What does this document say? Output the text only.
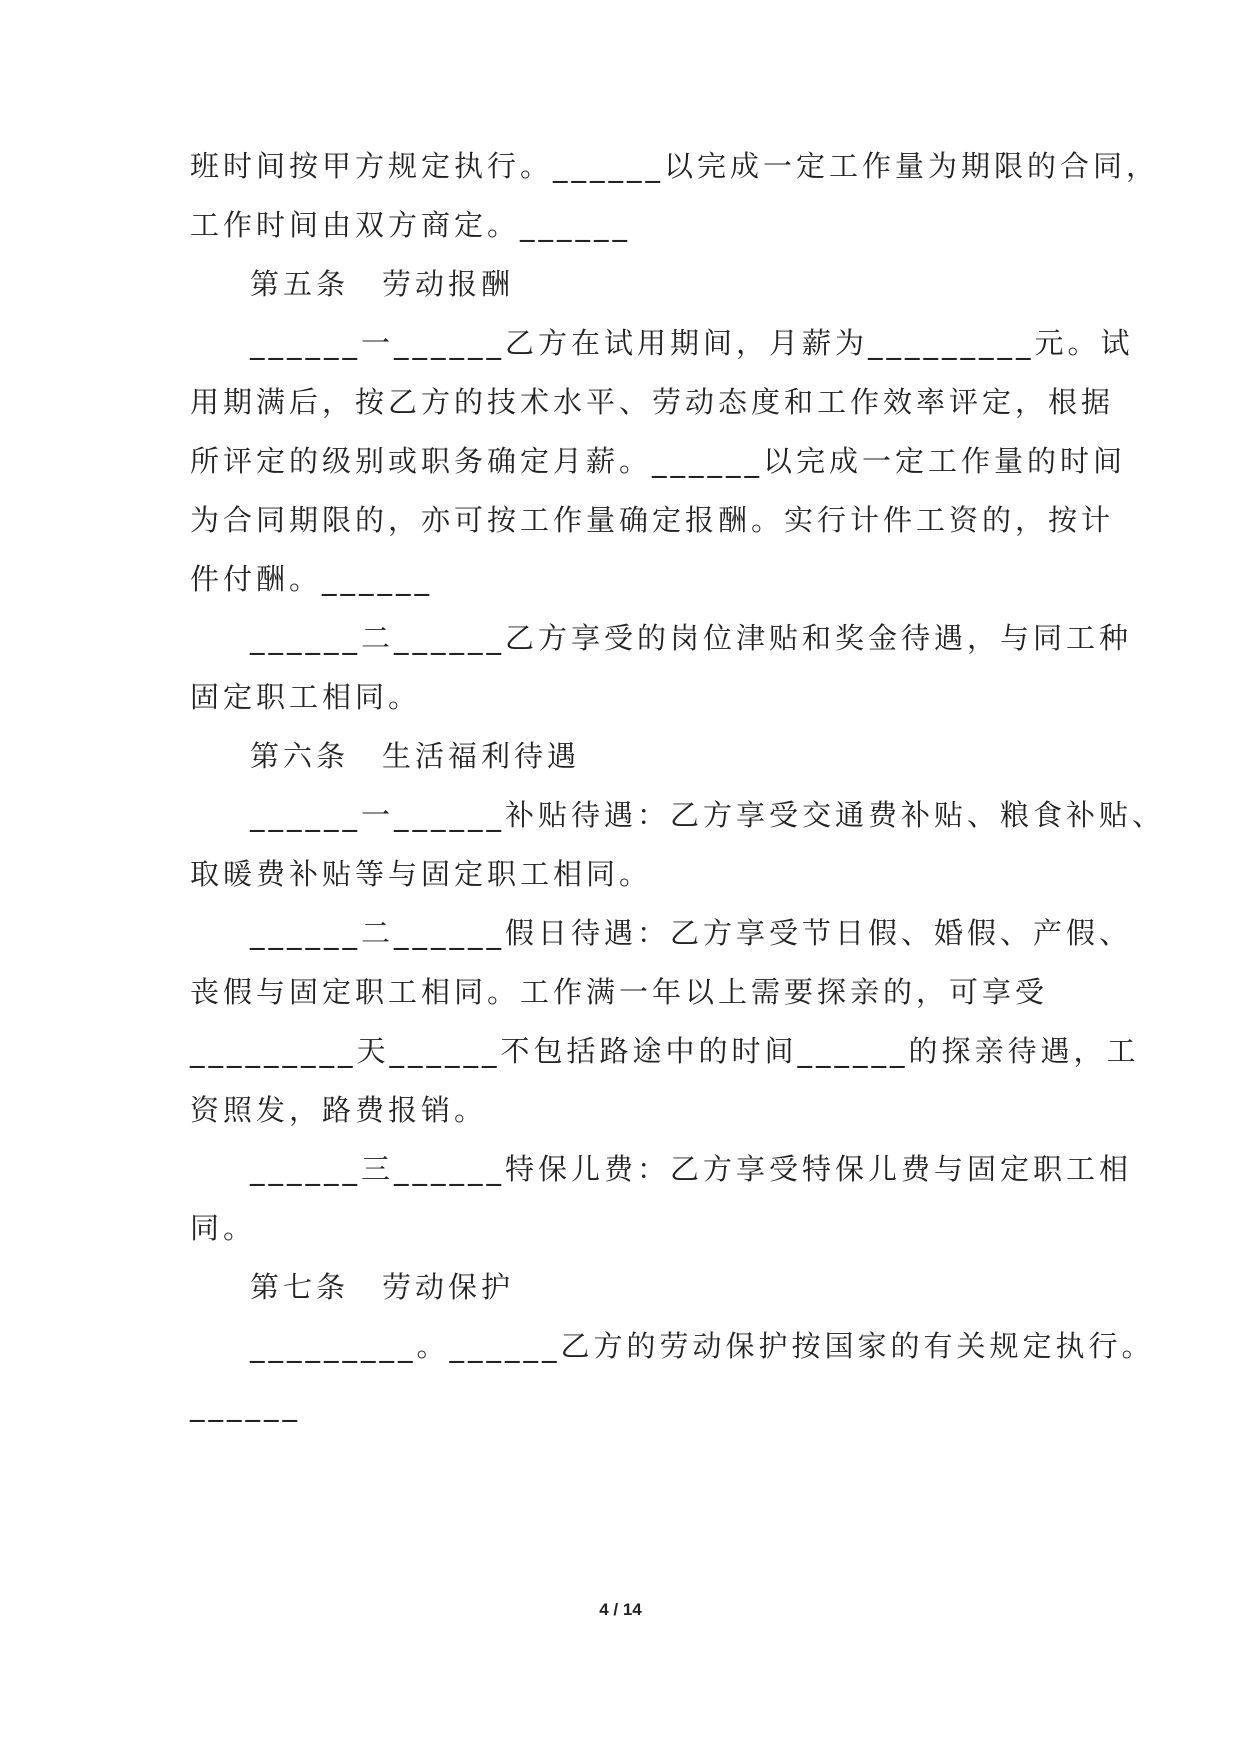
班时间按甲方规定执行。______以完成一定工作量为期限的合同，
工作时间由双方商定。______
第五条　劳动报酬
______一______乙方在试用期间，月薪为_________元。试
用期满后，按乙方的技术水平、劳动态度和工作效率评定，根据
所评定的级别或职务确定月薪。______以完成一定工作量的时间
为合同期限的，亦可按工作量确定报酬。实行计件工资的，按计
件付酬。______
______二______乙方享受的岗位津贴和奖金待遇，与同工种
固定职工相同。
第六条　生活福利待遇
______一______补贴待遇：乙方享受交通费补贴、粮食补贴、
取暖费补贴等与固定职工相同。
______二______假日待遇：乙方享受节日假、婚假、产假、
丧假与固定职工相同。工作满一年以上需要探亲的，可享受
_________天______不包括路途中的时间______的探亲待遇，工
资照发，路费报销。
______三______特保儿费：乙方享受特保儿费与固定职工相
同。
第七条　劳动保护
_________。______乙方的劳动保护按国家的有关规定执行。
______
4 / 14
